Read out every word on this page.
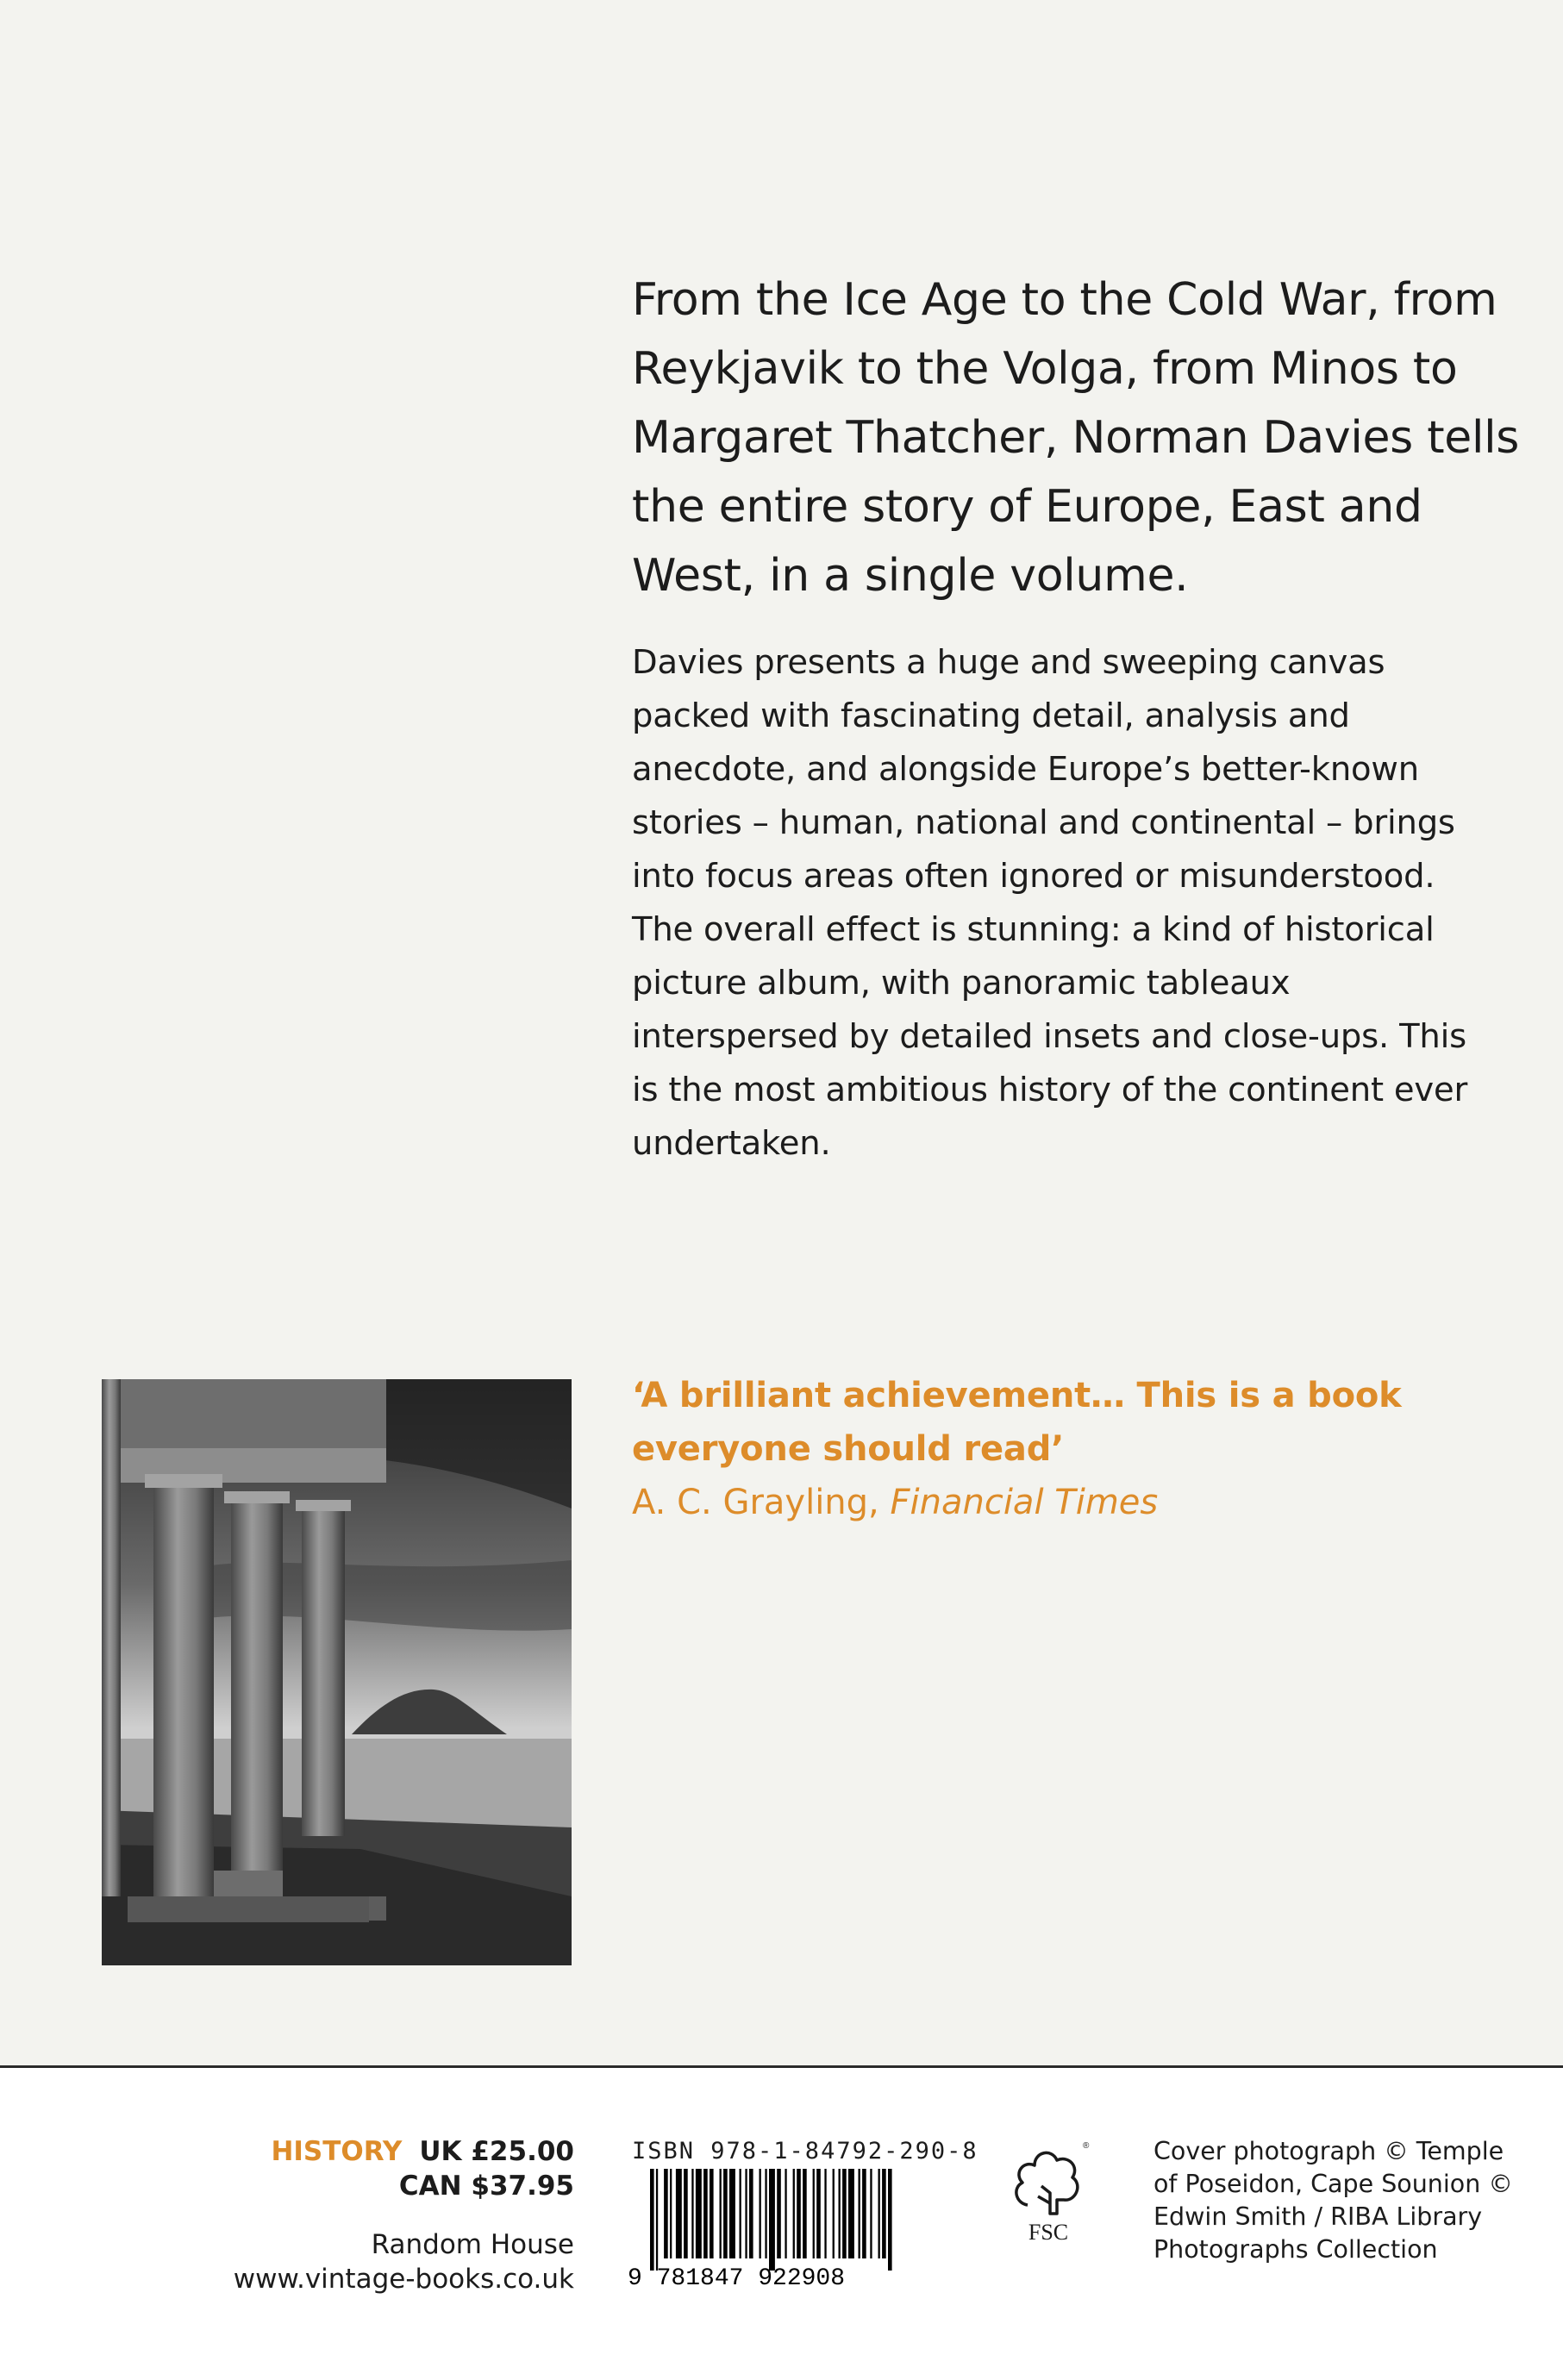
From the Ice Age to the Cold War, from Reykjavik to the Volga, from Minos to Margaret Thatcher, Norman Davies tells the entire story of Europe, East and West, in a single volume.

Davies presents a huge and sweeping canvas packed with fascinating detail, analysis and anecdote, and alongside Europe’s better-known stories – human, national and continental – brings into focus areas often ignored or misunderstood. The overall effect is stunning: a kind of historical picture album, with panoramic tableaux interspersed by detailed insets and close-ups. This is the most ambitious history of the continent ever undertaken.

‘A brilliant achievement… This is a book everyone should read’

A. C. Grayling, Financial Times

HISTORY UK £25.00
CAN $37.95
Random House
www.vintage-books.co.uk
ISBN 978-1-84792-290-8
9 781847 922908
FSC
®	Cover photograph © Temple of Poseidon, Cape Sounion © Edwin Smith / RIBA Library Photographs Collection
